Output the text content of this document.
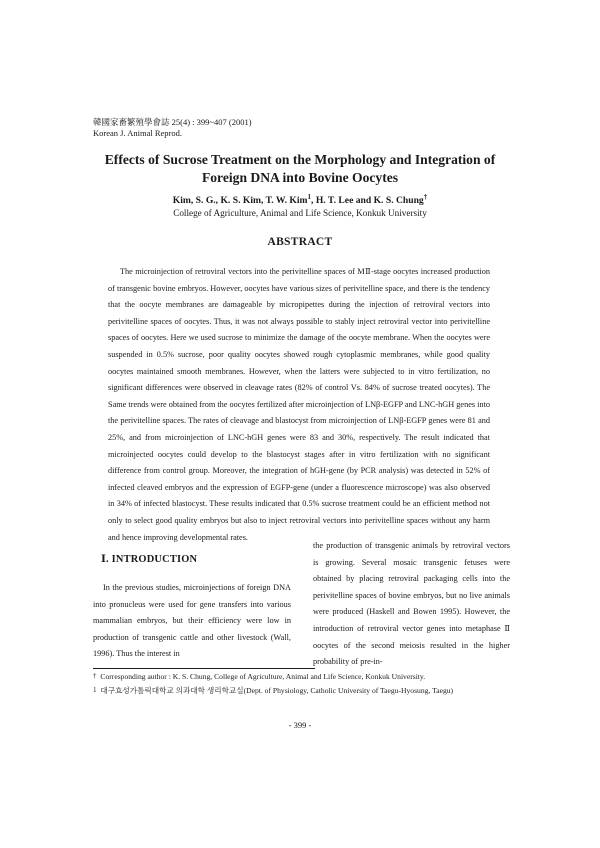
韓國家畜繁殖學會誌 25(4) : 399~407 (2001)
Korean J. Animal Reprod.
Effects of Sucrose Treatment on the Morphology and Integration of
Foreign DNA into Bovine Oocytes
Kim, S. G., K. S. Kim, T. W. Kim$^1$, H. T. Lee and K. S. Chung†
College of Agriculture, Animal and Life Science, Konkuk University
ABSTRACT

The microinjection of retroviral vectors into the perivitelline spaces of MⅡ-stage oocytes increased production of transgenic bovine embryos. However, oocytes have various sizes of perivitelline space, and there is the tendency that the oocyte membranes are damageable by micropipettes during the injection of retroviral vectors into perivitelline spaces of oocytes. Thus, it was not always possible to stably inject retroviral vector into perivitelline spaces of oocytes. Here we used sucrose to minimize the damage of the oocyte membrane. When the oocytes were suspended in 0.5% sucrose, poor quality oocytes showed rough cytoplasmic membranes, while good quality oocytes maintained smooth membranes. However, when the latters were subjected to in vitro fertilization, no significant differences were observed in cleavage rates (82% of control Vs. 84% of sucrose treated oocytes). The Same trends were obtained from the oocytes fertilized after microinjection of LNβ-EGFP and LNC-hGH genes into the perivitelline spaces. The rates of cleavage and blastocyst from microinjection of LNβ-EGFP genes were 81 and 25%, and from microinjection of LNC-hGH genes were 83 and 30%, respectively. The result indicated that microinjected oocytes could develop to the blastocyst stages after in vitro fertilization with no significant difference from control group. Moreover, the integration of hGH-gene (by PCR analysis) was detected in 52% of infected cleaved embryos and the expression of EGFP-gene (under a fluorescence microscope) was also observed in 34% of infected blastocyst. These results indicated that 0.5% sucrose treatment could be an efficient method not only to select good quality embryos but also to inject retroviral vectors into perivitelline spaces without any harm and hence improving developmental rates.

Ⅰ. INTRODUCTION

In the previous studies, microinjections of foreign DNA into pronucleus were used for gene transfers into various mammalian embryos, but their efficiency were low in production of transgenic cattle and other livestock (Wall, 1996). Thus the interest in

the production of transgenic animals by retroviral vectors is growing. Several mosaic transgenic fetuses were obtained by placing retroviral packaging cells into the perivitelline spaces of bovine embryos, but no live animals were produced (Haskell and Bowen 1995). However, the introduction of retroviral vector genes into metaphase Ⅱ oocytes of the second meiosis resulted in the higher probability of pre-in-

† Corresponding author : K. S. Chung, College of Agriculture, Animal and Life Science, Konkuk University.
1 대구효성가톨릭대학교 의과대학 생리학교실(Dept. of Physiology, Catholic University of Taegu-Hyosung, Taegu)
- 399 -
